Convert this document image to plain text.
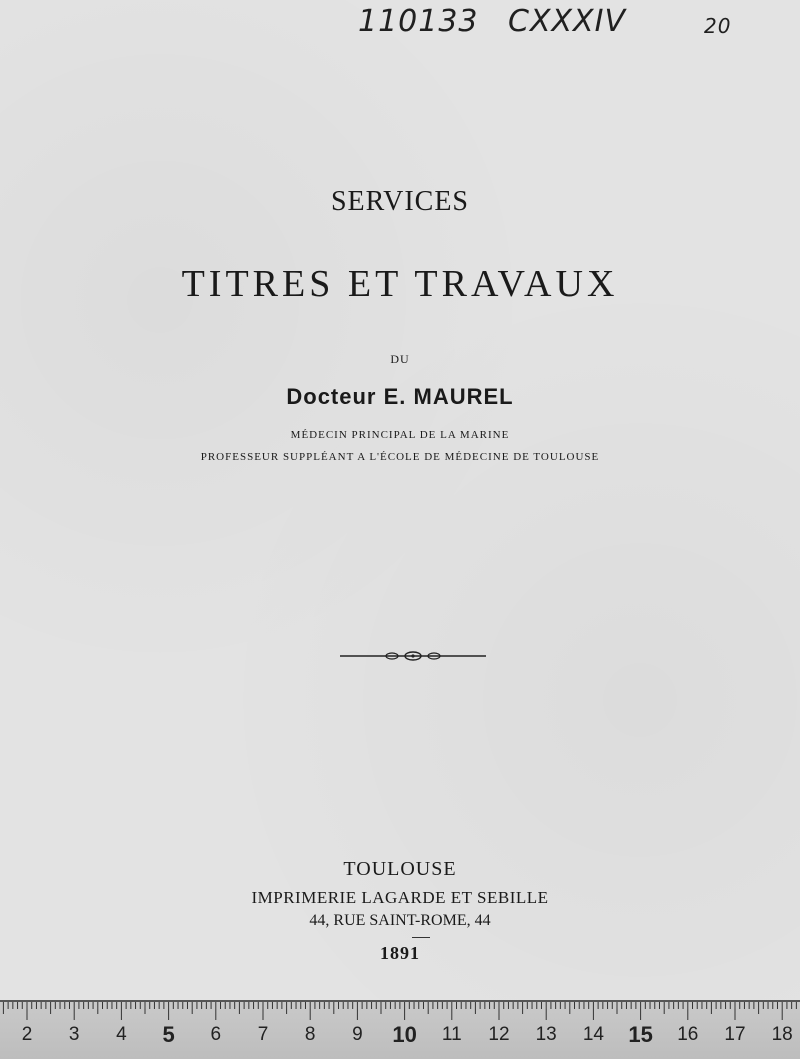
110133 CXXXIV	20
SERVICES
TITRES ET TRAVAUX
DU
Docteur E. MAUREL
MÉDECIN PRINCIPAL DE LA MARINE
PROFESSEUR SUPPLÉANT A L'ÉCOLE DE MÉDECINE DE TOULOUSE
TOULOUSE
IMPRIMERIE LAGARDE ET SEBILLE
44, RUE SAINT-ROME, 44
1891
2 3 4 5 6 7 8 9 10 11 12 13 14 15 16 17 18
